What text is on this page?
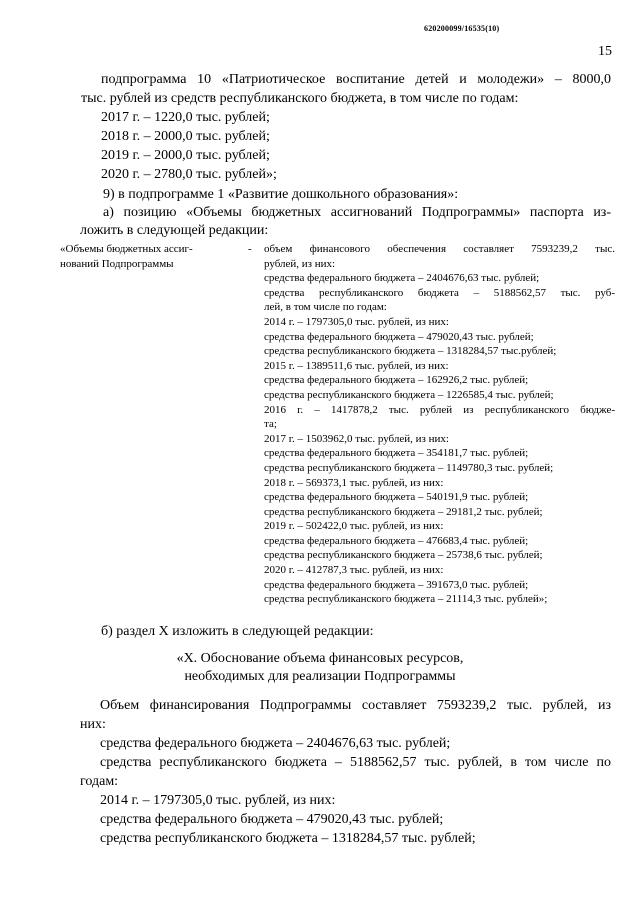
620200099/16535(10)
15

подпрограмма 10 «Патриотическое воспитание детей и молодежи» – 8000,0

тыс. рублей из средств республиканского бюджета, в том числе по годам:

2017 г. – 1220,0 тыс. рублей;

2018 г. – 2000,0 тыс. рублей;

2019 г. – 2000,0 тыс. рублей;

2020 г. – 2780,0 тыс. рублей»;

9) в подпрограмме 1 «Развитие дошкольного образования»:

а) позицию «Объемы бюджетных ассигнований Подпрограммы» паспорта из-

ложить в следующей редакции:

«Объемы бюджетных ассиг-
нований Подпрограммы
- объем финансового обеспечения составляет 7593239,2 тыс.
рублей, из них:
средства федерального бюджета – 2404676,63 тыс. рублей;
средства республиканского бюджета – 5188562,57 тыс. руб-
лей, в том числе по годам:
2014 г. – 1797305,0 тыс. рублей, из них:
средства федерального бюджета – 479020,43 тыс. рублей;
средства республиканского бюджета – 1318284,57 тыс.рублей;
2015 г. – 1389511,6 тыс. рублей, из них:
средства федерального бюджета – 162926,2 тыс. рублей;
средства республиканского бюджета – 1226585,4 тыс. рублей;
2016 г. – 1417878,2 тыс. рублей из республиканского бюдже-
та;
2017 г. – 1503962,0 тыс. рублей, из них:
средства федерального бюджета – 354181,7 тыс. рублей;
средства республиканского бюджета – 1149780,3 тыс. рублей;
2018 г. – 569373,1 тыс. рублей, из них:
средства федерального бюджета – 540191,9 тыс. рублей;
средства республиканского бюджета – 29181,2 тыс. рублей;
2019 г. – 502422,0 тыс. рублей, из них:
средства федерального бюджета – 476683,4 тыс. рублей;
средства республиканского бюджета – 25738,6 тыс. рублей;
2020 г. – 412787,3 тыс. рублей, из них:
средства федерального бюджета – 391673,0 тыс. рублей;
средства республиканского бюджета – 21114,3 тыс. рублей»;
б) раздел X изложить в следующей редакции:
«X. Обоснование объема финансовых ресурсов,
необходимых для реализации Подпрограммы

Объем финансирования Подпрограммы составляет 7593239,2 тыс. рублей, из

них:

средства федерального бюджета – 2404676,63 тыс. рублей;

средства республиканского бюджета – 5188562,57 тыс. рублей, в том числе по

годам:

2014 г. – 1797305,0 тыс. рублей, из них:

средства федерального бюджета – 479020,43 тыс. рублей;

средства республиканского бюджета – 1318284,57 тыс. рублей;
